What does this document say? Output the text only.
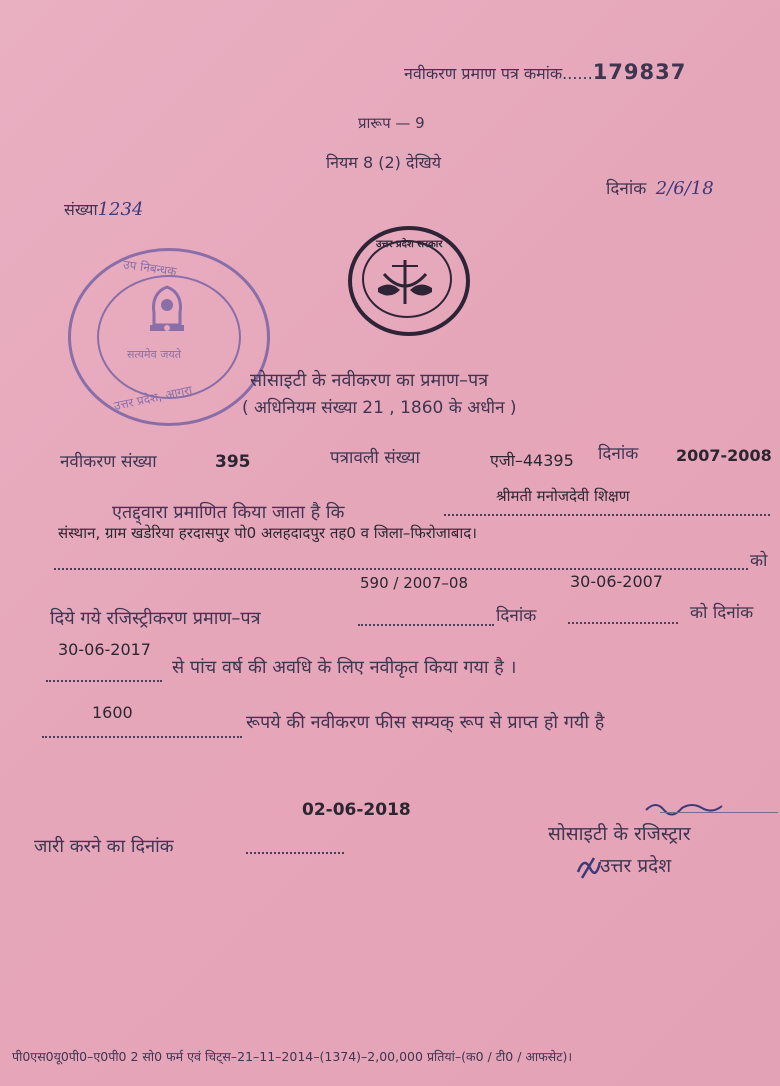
नवीकरण प्रमाण पत्र कमांक......179837
प्रारूप — 9
नियम 8 (2) देखिये
दिनांक 2/6/18
संख्या1234
उप निबन्धक
सत्यमेव जयते
उत्तर प्रदेश, आगरा
उत्तर प्रदेश सरकार
सोसाइटी के नवीकरण का प्रमाण–पत्र
( अधिनियम संख्या 21 , 1860 के अधीन )
नवीकरण संख्या	395	पत्रावली संख्या	एजी–44395 दिनांक 2007-2008
एतद्द्वारा प्रमाणित किया जाता है कि
श्रीमती मनोजदेवी शिक्षण
संस्थान, ग्राम खडेरिया हरदासपुर पो0 अलहदादपुर तह0 व जिला–फिरोजाबाद।
को
590 / 2007–08	30-06-2007
दिये गये रजिस्ट्रीकरण प्रमाण–पत्र	दिनांक	को दिनांक
30-06-2017
से पांच वर्ष की अवधि के लिए नवीकृत किया गया है ।
1600	रूपये की नवीकरण फीस सम्यक् रूप से प्राप्त हो गयी है
02-06-2018
जारी करने का दिनांक
सोसाइटी के रजिस्ट्रार
उत्तर प्रदेश
पी0एस0यू0पी0–ए0पी0 2 सो0 फर्म एवं चिट्स–21–11–2014–(1374)–2,00,000 प्रतियां–(क0 / टी0 / आफसेट)।
